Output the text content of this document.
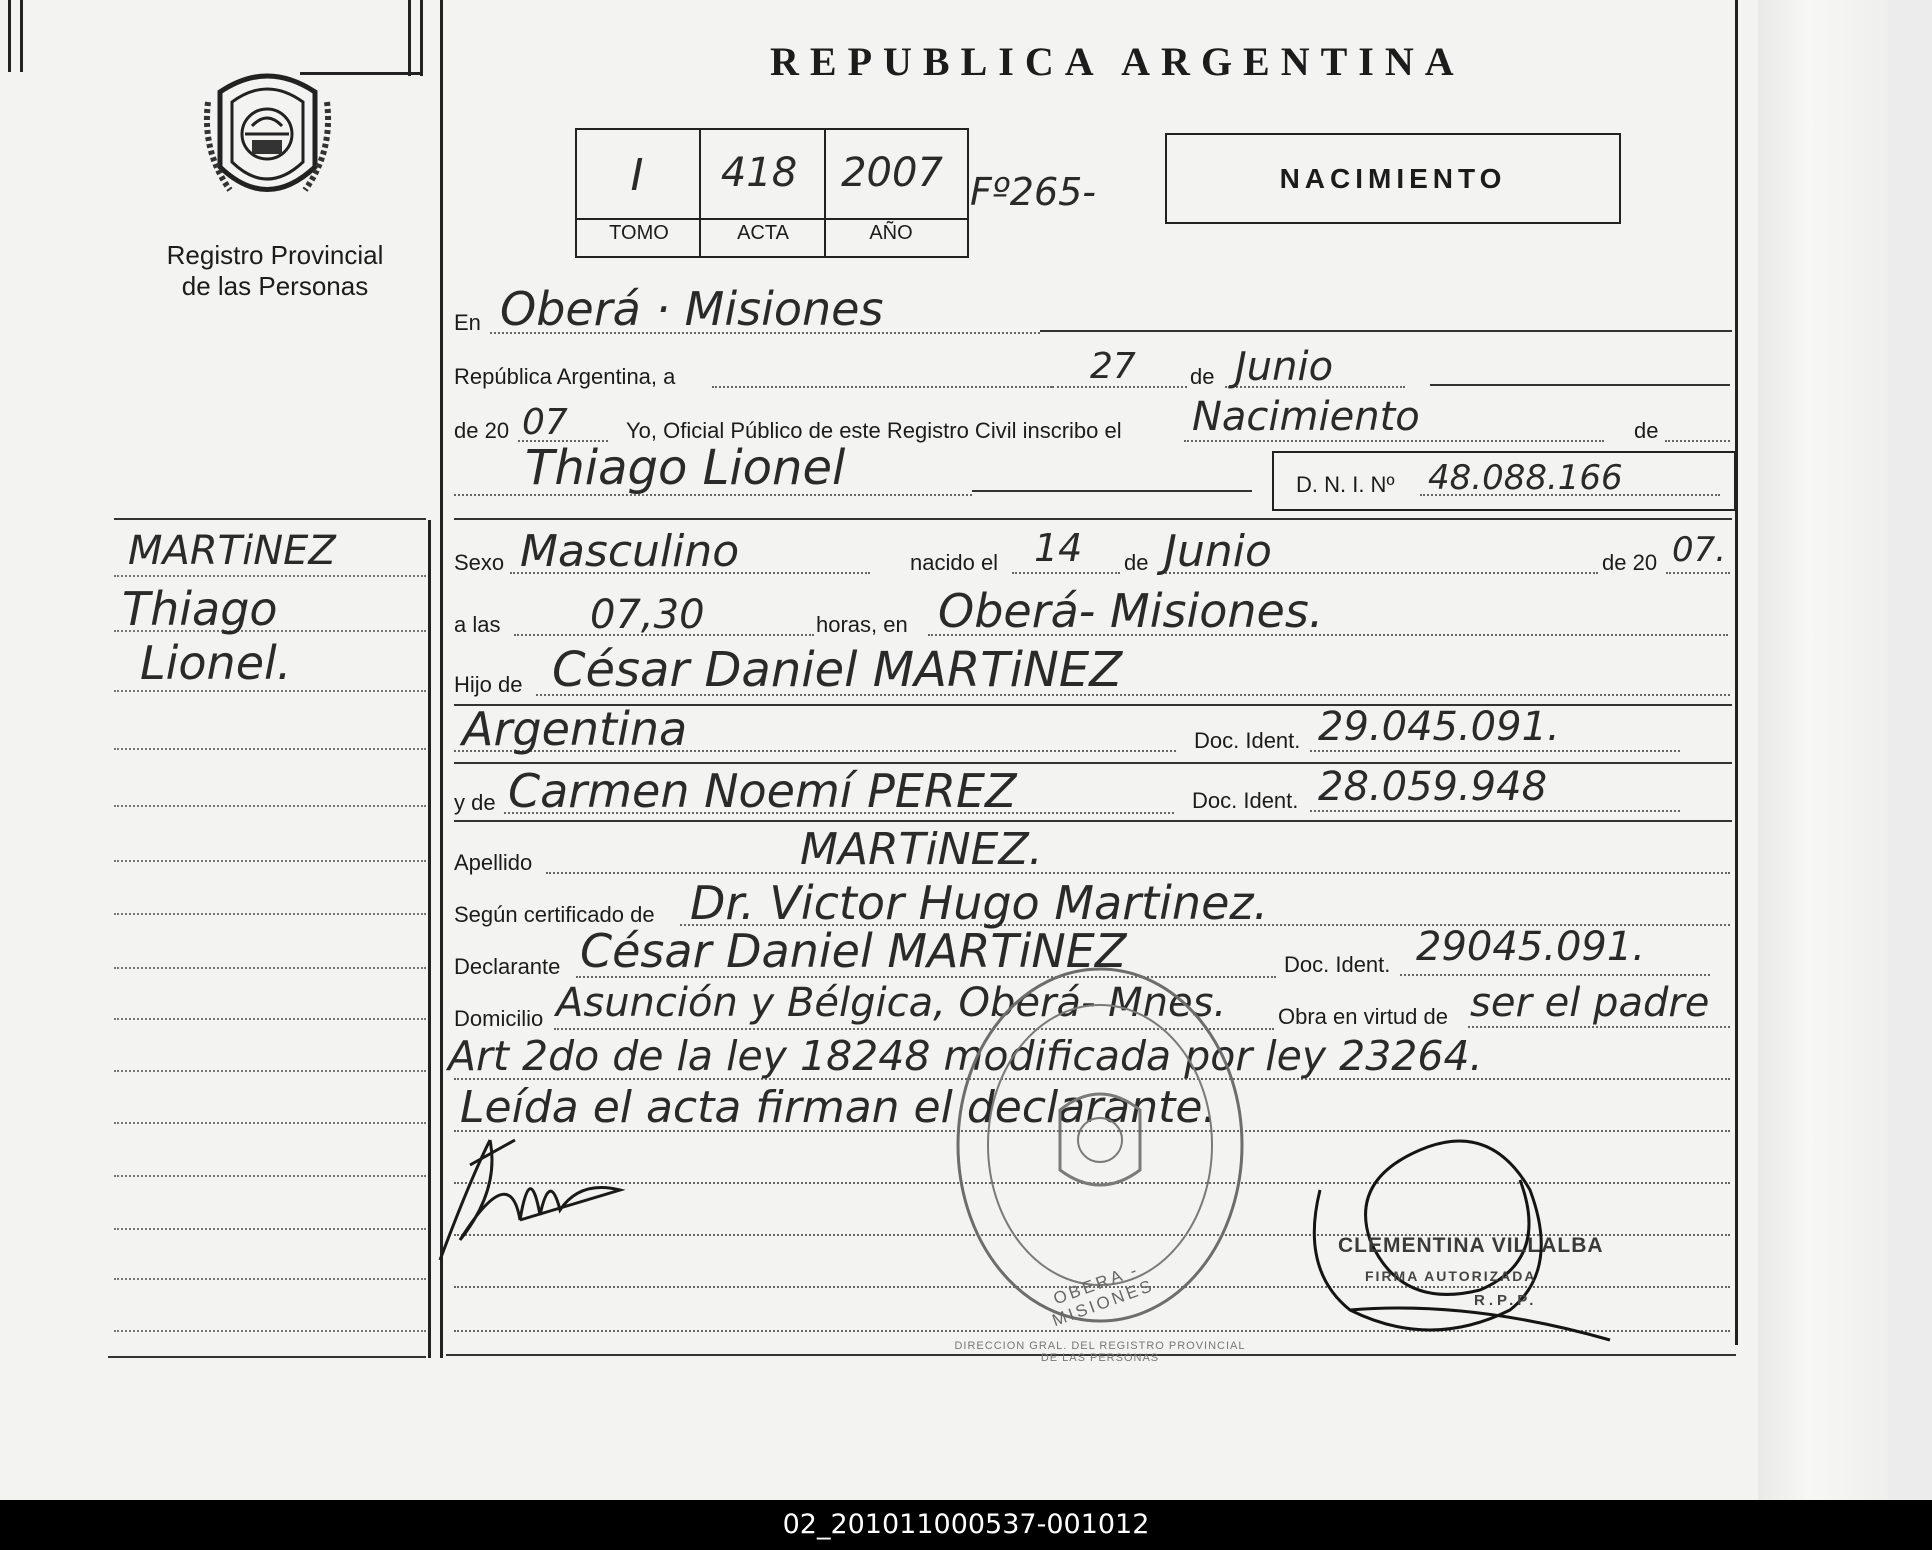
REPUBLICA ARGENTINA
Registro Provincial
de las Personas
I	418	2007
TOMO	ACTA	AÑO
Fº265-	NACIMIENTO
En Oberá · Misiones
República Argentina, a	27 de Junio
de 20 07	Yo, Oficial Público de este Registro Civil inscribo el Nacimiento	de
Thiago Lionel	D. N. I. Nº 48.088.166
MARTiNEZ
Thiago
Lionel.
Sexo Masculino	nacido el 14 de Junio	de 20 07.
a las 07,30	horas, en Oberá- Misiones.
Hijo de César Daniel MARTiNEZ
Argentina	Doc. Ident. 29.045.091.
y de Carmen Noemí PEREZ	Doc. Ident. 28.059.948
Apellido	MARTiNEZ.
Según certificado de Dr. Victor Hugo Martinez.
Declarante César Daniel MARTiNEZ	Doc. Ident. 29045.091.
Domicilio Asunción y Bélgica, Oberá- Mnes. Obra en virtud de ser el padre
Art 2do de la ley 18248 modificada por ley 23264.
Leída el acta firman el declarante.
OBERA - MISIONES
DIRECCION GRAL. DEL REGISTRO PROVINCIAL DE LAS PERSONAS
CLEMENTINA VILLALBA
FIRMA AUTORIZADA
R.P.P.
02_201011000537-001012
